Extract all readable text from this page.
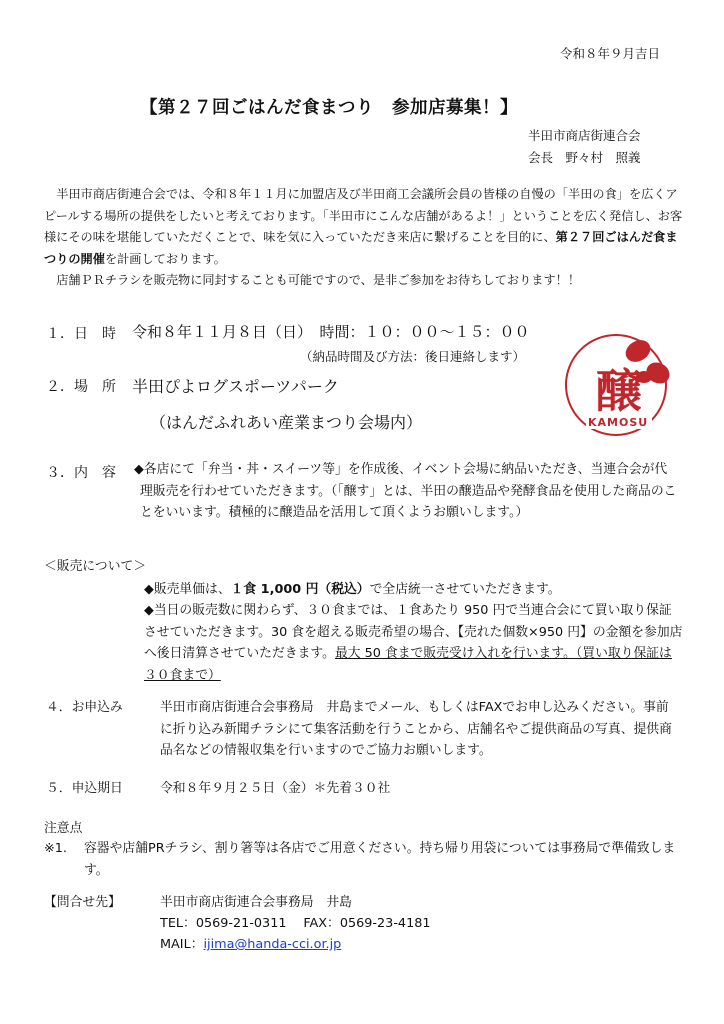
令和８年９月吉日
【第２７回ごはんだ食まつり　参加店募集！】
半田市商店街連合会
会長　野々村　照義

半田市商店街連合会では、令和８年１１月に加盟店及び半田商工会議所会員の皆様の自慢の「半田の食」を広くアピールする場所の提供をしたいと考えております。「半田市にこんな店舗があるよ！」ということを広く発信し、お客様にその味を堪能していただくことで、味を気に入っていただき来店に繋げることを目的に、第２７回ごはんだ食まつりの開催を計画しております。

店舗ＰＲチラシを販売物に同封することも可能ですので、是非ご参加をお待ちしております！！

１．日　時 令和８年１１月８日（日）　時間：１０：００～１５：００
（納品時間及び方法：後日連絡します）
２．場　所 半田ぴよログスポーツパーク
（はんだふれあい産業まつり会場内）
醸
KAMOSU
３．内　容 ◆各店にて「弁当・丼・スイーツ等」を作成後、イベント会場に納品いただき、当連合会が代理販売を行わせていただきます。（「醸す」とは、半田の醸造品や発酵食品を使用した商品のことをいいます。積極的に醸造品を活用して頂くようお願いします。）
＜販売について＞
◆販売単価は、１食 1,000 円（税込）で全店統一させていただきます。
◆当日の販売数に関わらず、３０食までは、１食あたり 950 円で当連合会にて買い取り保証させていただきます。30 食を超える販売希望の場合、【売れた個数×950 円】の金額を参加店へ後日清算させていただきます。最大 50 食まで販売受け入れを行います。（買い取り保証は３０食まで）
４．お申込み	半田市商店街連合会事務局　井島までメール、もしくはFAXでお申し込みください。事前に折り込み新聞チラシにて集客活動を行うことから、店舗名やご提供商品の写真、提供商品名などの情報収集を行いますのでご協力お願いします。
５．申込期日	令和８年９月２５日（金）＊先着３０社
注意点
※1. 容器や店舗PRチラシ、割り箸等は各店でご用意ください。持ち帰り用袋については事務局で準備致します。
【問合せ先】	半田市商店街連合会事務局　井島
TEL：0569-21-0311　 FAX：0569-23-4181
MAIL：ijima@handa-cci.or.jp
